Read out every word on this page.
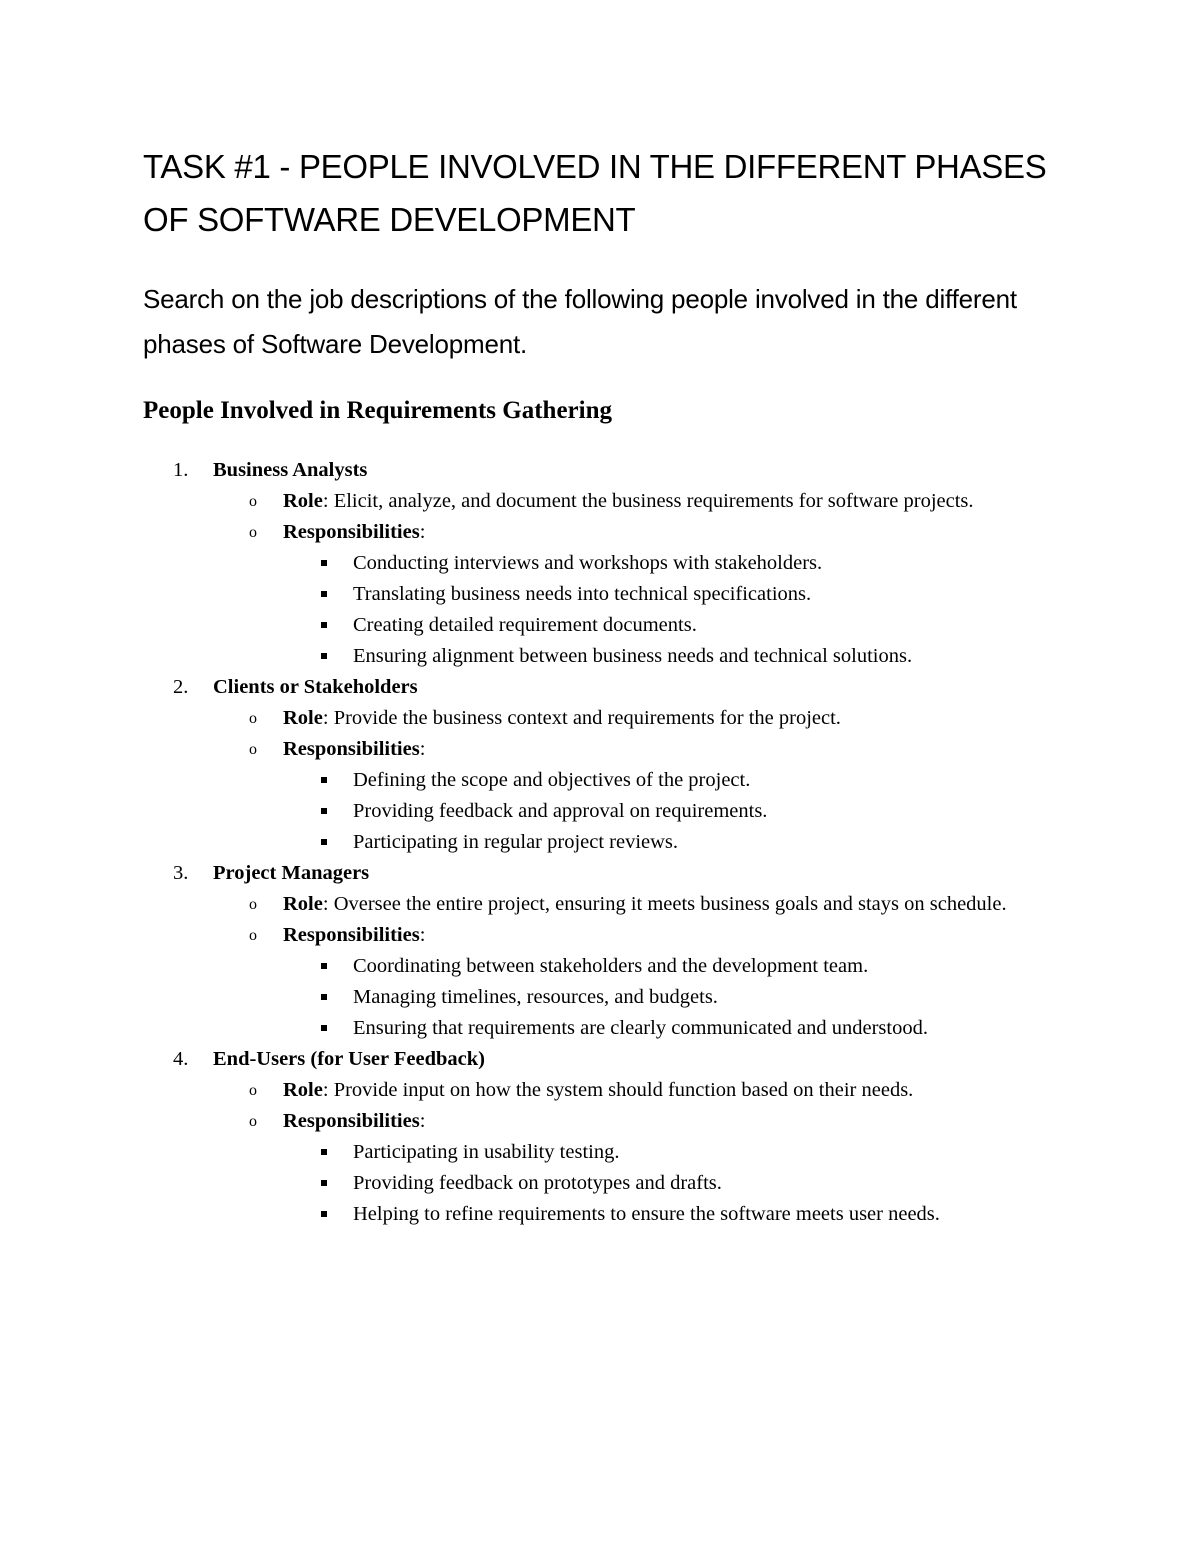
TASK #1 - PEOPLE INVOLVED IN THE DIFFERENT PHASES OF SOFTWARE DEVELOPMENT

Search on the job descriptions of the following people involved in the different phases of Software Development.

People Involved in Requirements Gathering
1. Business Analysts
o Role: Elicit, analyze, and document the business requirements for software projects.
o Responsibilities:
Conducting interviews and workshops with stakeholders.
Translating business needs into technical specifications.
Creating detailed requirement documents.
Ensuring alignment between business needs and technical solutions.
2. Clients or Stakeholders
o Role: Provide the business context and requirements for the project.
o Responsibilities:
Defining the scope and objectives of the project.
Providing feedback and approval on requirements.
Participating in regular project reviews.
3. Project Managers
o Role: Oversee the entire project, ensuring it meets business goals and stays on schedule.
o Responsibilities:
Coordinating between stakeholders and the development team.
Managing timelines, resources, and budgets.
Ensuring that requirements are clearly communicated and understood.
4. End-Users (for User Feedback)
o Role: Provide input on how the system should function based on their needs.
o Responsibilities:
Participating in usability testing.
Providing feedback on prototypes and drafts.
Helping to refine requirements to ensure the software meets user needs.
